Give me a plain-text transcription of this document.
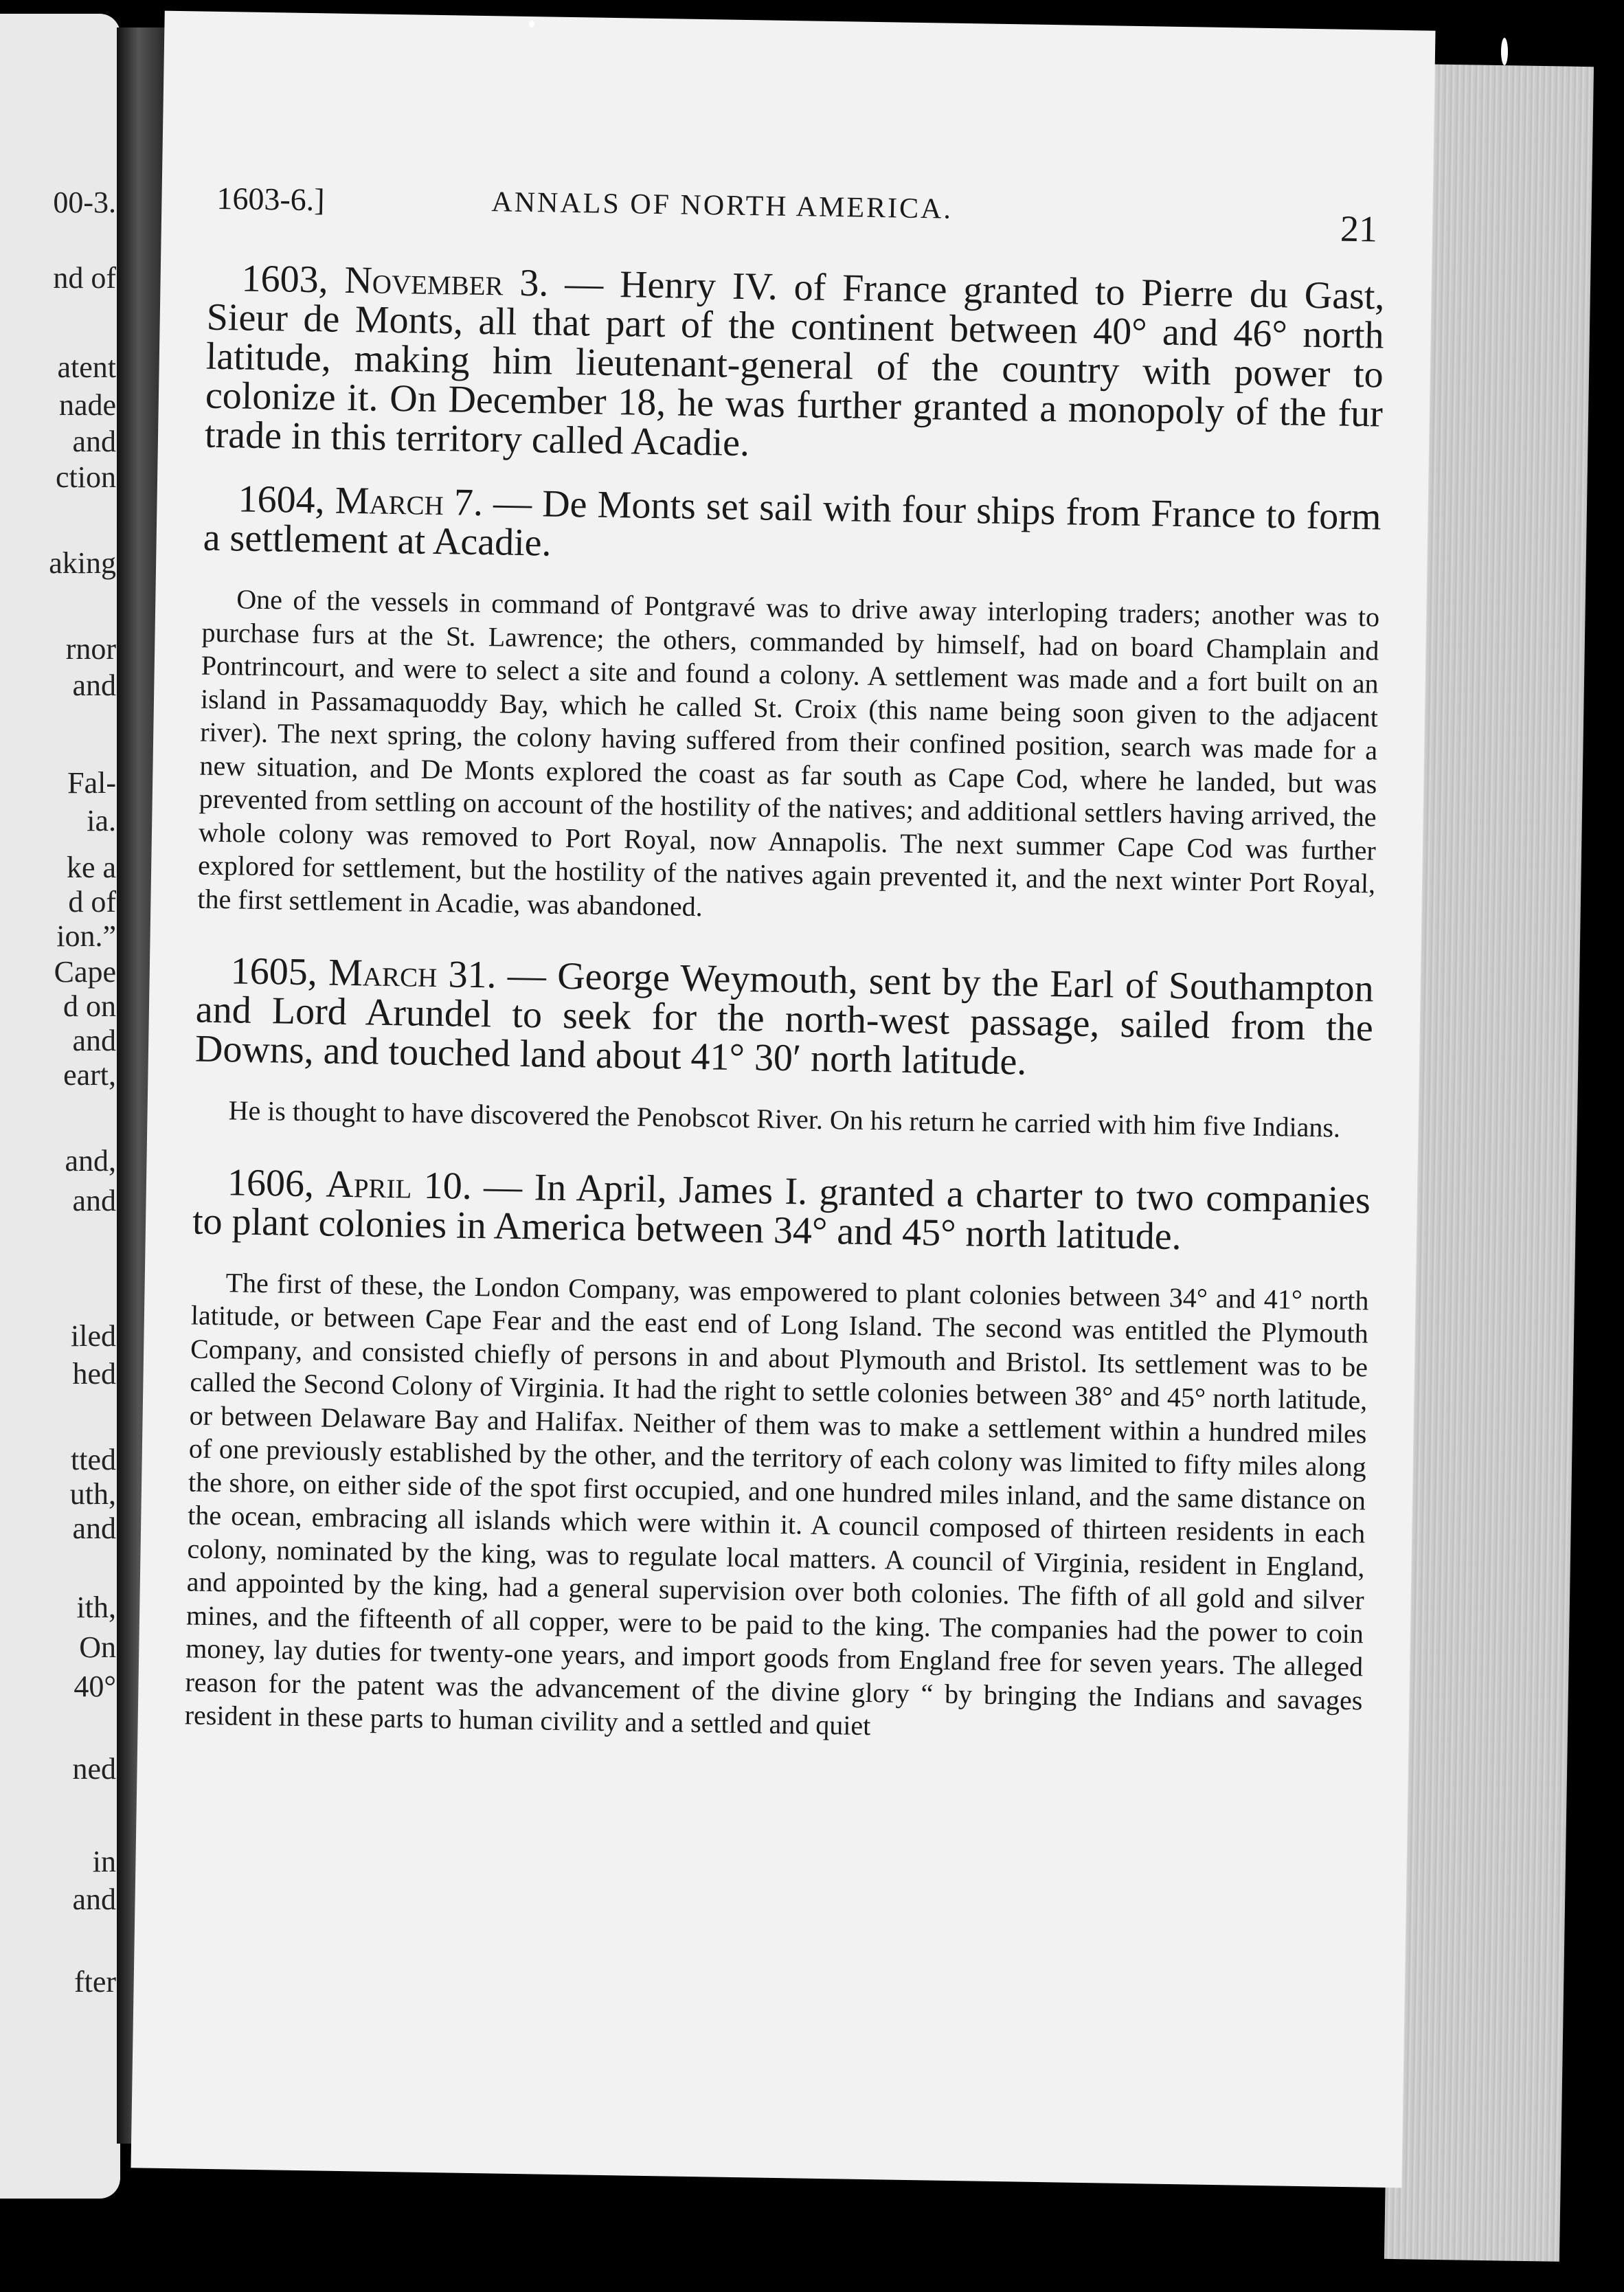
00-3.
nd of
atent
nade
and
ction
aking
rnor
and
Fal-
ia.
ke a
d of
ion.”
Cape
d on
and
eart,
and,
and
iled
hed
tted
uth,
and
ith,
On
40°
ned
in
and
fter
1603-6.]	ANNALS OF NORTH AMERICA.
21

1603, November 3. — Henry IV. of France granted to Pierre du Gast, Sieur de Monts, all that part of the continent between 40° and 46° north latitude, making him lieutenant-general of the country with power to colonize it. On December 18, he was further granted a monopoly of the fur trade in this territory called Acadie.

1604, March 7. — De Monts set sail with four ships from France to form a settlement at Acadie.

One of the vessels in command of Pontgravé was to drive away interloping traders; another was to purchase furs at the St. Lawrence; the others, commanded by himself, had on board Champlain and Pontrincourt, and were to select a site and found a colony. A settlement was made and a fort built on an island in Passamaquoddy Bay, which he called St. Croix (this name being soon given to the adjacent river). The next spring, the colony having suffered from their confined position, search was made for a new situation, and De Monts explored the coast as far south as Cape Cod, where he landed, but was prevented from settling on account of the hostility of the natives; and additional settlers having arrived, the whole colony was removed to Port Royal, now Annapolis. The next summer Cape Cod was further explored for settlement, but the hostility of the natives again prevented it, and the next winter Port Royal, the first settlement in Acadie, was abandoned.

1605, March 31. — George Weymouth, sent by the Earl of Southampton and Lord Arundel to seek for the north-west passage, sailed from the Downs, and touched land about 41° 30′ north latitude.

He is thought to have discovered the Penobscot River. On his return he carried with him five Indians.

1606, April 10. — In April, James I. granted a charter to two companies to plant colonies in America between 34° and 45° north latitude.

The first of these, the London Company, was empowered to plant colonies between 34° and 41° north latitude, or between Cape Fear and the east end of Long Island. The second was entitled the Plymouth Company, and consisted chiefly of persons in and about Plymouth and Bristol. Its settlement was to be called the Second Colony of Virginia. It had the right to settle colonies between 38° and 45° north latitude, or between Delaware Bay and Halifax. Neither of them was to make a settlement within a hundred miles of one previously established by the other, and the territory of each colony was limited to fifty miles along the shore, on either side of the spot first occupied, and one hundred miles inland, and the same distance on the ocean, embracing all islands which were within it. A council composed of thirteen residents in each colony, nominated by the king, was to regulate local matters. A council of Virginia, resident in England, and appointed by the king, had a general supervision over both colonies. The fifth of all gold and silver mines, and the fifteenth of all copper, were to be paid to the king. The companies had the power to coin money, lay duties for twenty-one years, and import goods from England free for seven years. The alleged reason for the patent was the advancement of the divine glory “ by bringing the Indians and savages resident in these parts to human civility and a settled and quiet
